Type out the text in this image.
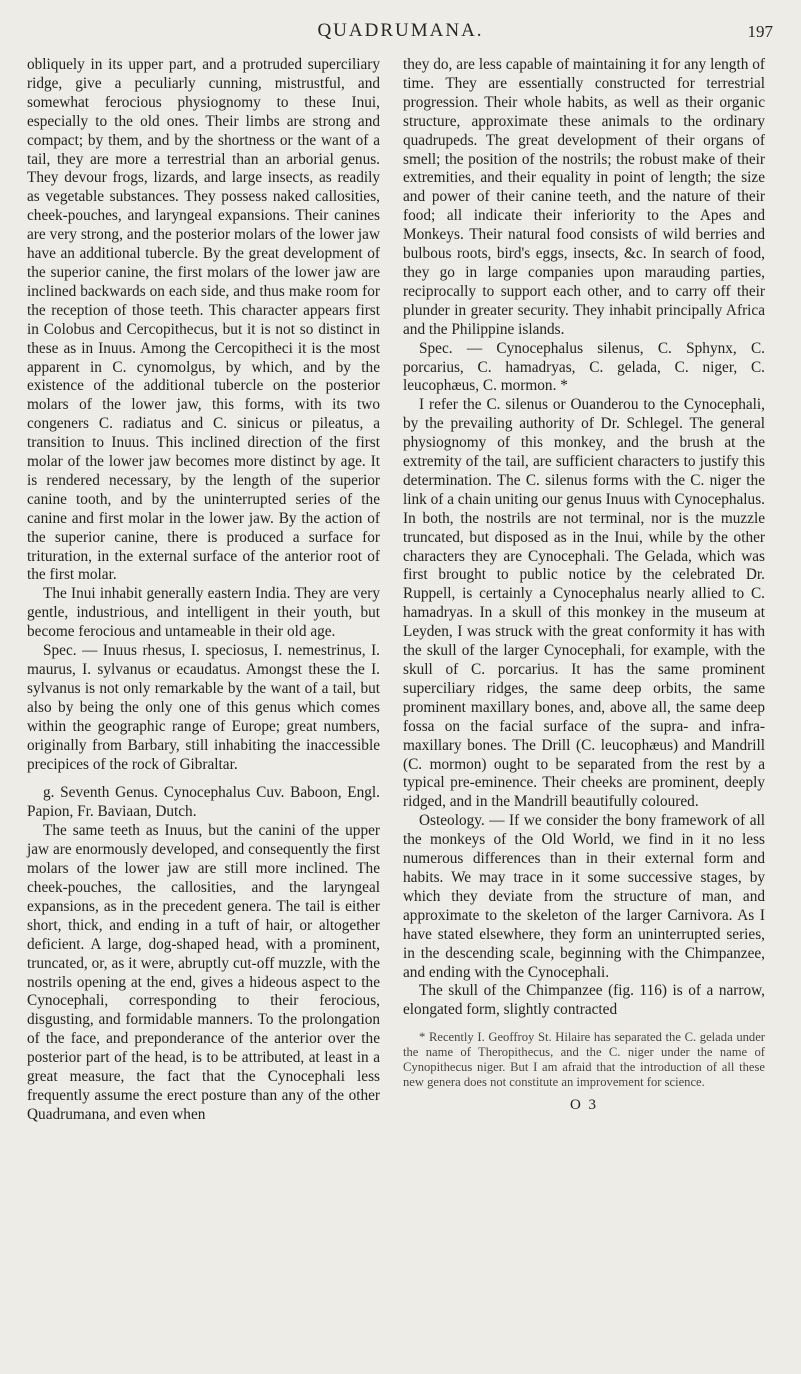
QUADRUMANA.	197

obliquely in its upper part, and a protruded superciliary ridge, give a peculiarly cunning, mistrustful, and somewhat ferocious physiognomy to these Inui, especially to the old ones. Their limbs are strong and compact; by them, and by the shortness or the want of a tail, they are more a terrestrial than an arborial genus. They devour frogs, lizards, and large insects, as readily as vegetable substances. They possess naked callosities, cheek-pouches, and laryngeal expansions. Their canines are very strong, and the posterior molars of the lower jaw have an additional tubercle. By the great development of the superior canine, the first molars of the lower jaw are inclined backwards on each side, and thus make room for the reception of those teeth. This character appears first in Colobus and Cercopithecus, but it is not so distinct in these as in Inuus. Among the Cercopitheci it is the most apparent in C. cynomolgus, by which, and by the existence of the additional tubercle on the posterior molars of the lower jaw, this forms, with its two congeners C. radiatus and C. sinicus or pileatus, a transition to Inuus. This inclined direction of the first molar of the lower jaw becomes more distinct by age. It is rendered necessary, by the length of the superior canine tooth, and by the uninterrupted series of the canine and first molar in the lower jaw. By the action of the superior canine, there is produced a surface for trituration, in the external surface of the anterior root of the first molar.

The Inui inhabit generally eastern India. They are very gentle, industrious, and intelligent in their youth, but become ferocious and untameable in their old age.

Spec. — Inuus rhesus, I. speciosus, I. nemestrinus, I. maurus, I. sylvanus or ecaudatus. Amongst these the I. sylvanus is not only remarkable by the want of a tail, but also by being the only one of this genus which comes within the geographic range of Europe; great numbers, originally from Barbary, still inhabiting the inaccessible precipices of the rock of Gibraltar.

g. Seventh Genus. Cynocephalus Cuv. Baboon, Engl. Papion, Fr. Baviaan, Dutch.

The same teeth as Inuus, but the canini of the upper jaw are enormously developed, and consequently the first molars of the lower jaw are still more inclined. The cheek-pouches, the callosities, and the laryngeal expansions, as in the precedent genera. The tail is either short, thick, and ending in a tuft of hair, or altogether deficient. A large, dog-shaped head, with a prominent, truncated, or, as it were, abruptly cut-off muzzle, with the nostrils opening at the end, gives a hideous aspect to the Cynocephali, corresponding to their ferocious, disgusting, and formidable manners. To the prolongation of the face, and preponderance of the anterior over the posterior part of the head, is to be attributed, at least in a great measure, the fact that the Cynocephali less frequently assume the erect posture than any of the other Quadrumana, and even when

they do, are less capable of maintaining it for any length of time. They are essentially constructed for terrestrial progression. Their whole habits, as well as their organic structure, approximate these animals to the ordinary quadrupeds. The great development of their organs of smell; the position of the nostrils; the robust make of their extremities, and their equality in point of length; the size and power of their canine teeth, and the nature of their food; all indicate their inferiority to the Apes and Monkeys. Their natural food consists of wild berries and bulbous roots, bird's eggs, insects, &c. In search of food, they go in large companies upon marauding parties, reciprocally to support each other, and to carry off their plunder in greater security. They inhabit principally Africa and the Philippine islands.

Spec. — Cynocephalus silenus, C. Sphynx, C. porcarius, C. hamadryas, C. gelada, C. niger, C. leucophæus, C. mormon. *

I refer the C. silenus or Ouanderou to the Cynocephali, by the prevailing authority of Dr. Schlegel. The general physiognomy of this monkey, and the brush at the extremity of the tail, are sufficient characters to justify this determination. The C. silenus forms with the C. niger the link of a chain uniting our genus Inuus with Cynocephalus. In both, the nostrils are not terminal, nor is the muzzle truncated, but disposed as in the Inui, while by the other characters they are Cynocephali. The Gelada, which was first brought to public notice by the celebrated Dr. Ruppell, is certainly a Cynocephalus nearly allied to C. hamadryas. In a skull of this monkey in the museum at Leyden, I was struck with the great conformity it has with the skull of the larger Cynocephali, for example, with the skull of C. porcarius. It has the same prominent superciliary ridges, the same deep orbits, the same prominent maxillary bones, and, above all, the same deep fossa on the facial surface of the supra- and infra-maxillary bones. The Drill (C. leucophæus) and Mandrill (C. mormon) ought to be separated from the rest by a typical pre-eminence. Their cheeks are prominent, deeply ridged, and in the Mandrill beautifully coloured.

Osteology. — If we consider the bony framework of all the monkeys of the Old World, we find in it no less numerous differences than in their external form and habits. We may trace in it some successive stages, by which they deviate from the structure of man, and approximate to the skeleton of the larger Carnivora. As I have stated elsewhere, they form an uninterrupted series, in the descending scale, beginning with the Chimpanzee, and ending with the Cynocephali.

The skull of the Chimpanzee (fig. 116) is of a narrow, elongated form, slightly contracted

* Recently I. Geoffroy St. Hilaire has separated the C. gelada under the name of Theropithecus, and the C. niger under the name of Cynopithecus niger. But I am afraid that the introduction of all these new genera does not constitute an improvement for science.

O 3
